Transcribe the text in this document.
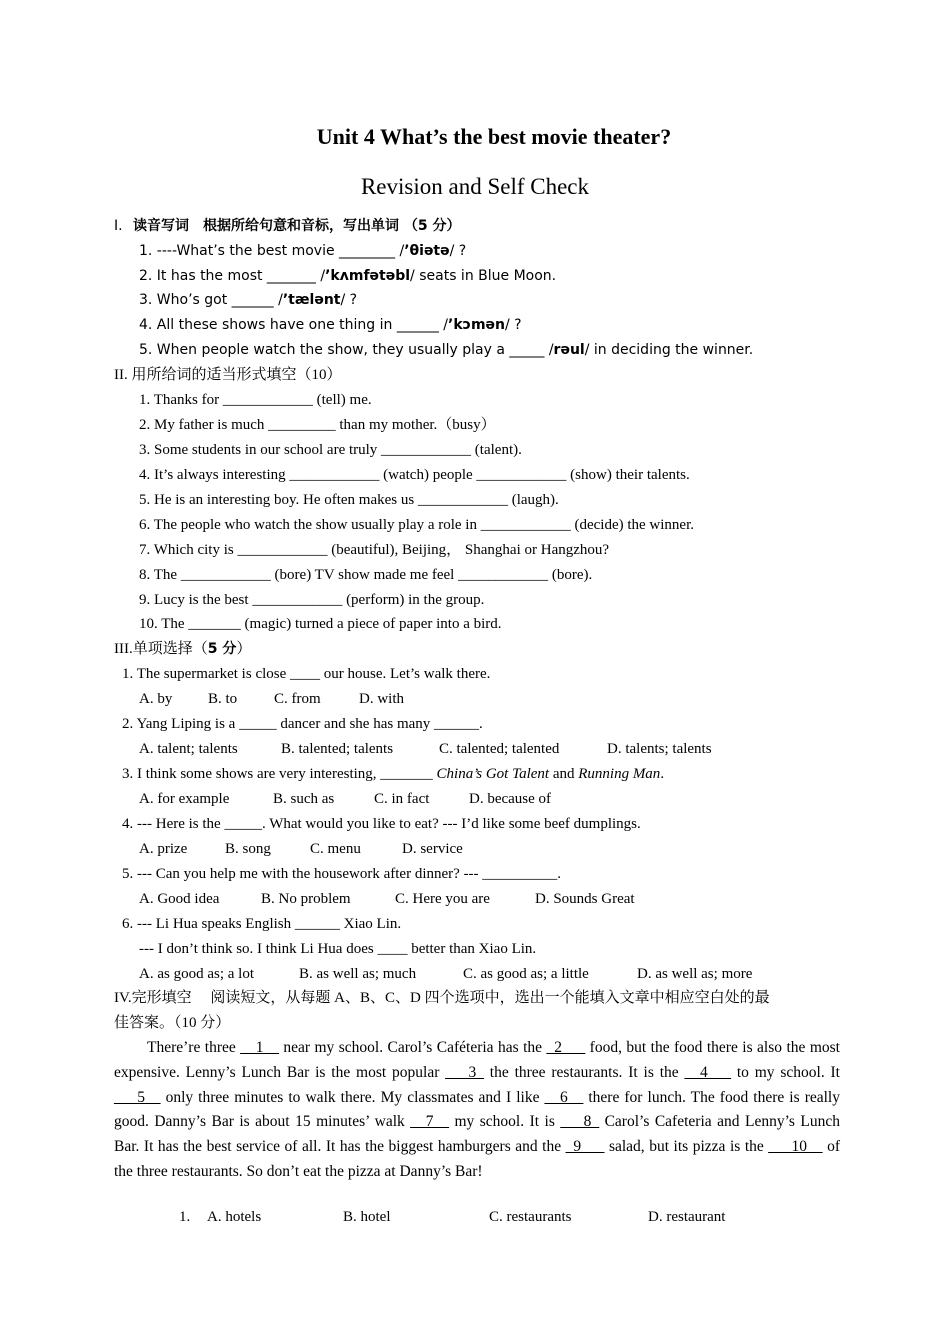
Unit 4 What’s the best movie theater?
Revision and Self Check
I. 读音写词　根据所给句意和音标，写出单词 （5 分）
1. ----What’s the best movie ________ /’θiətə/ ?
2. It has the most _______ /’kʌmfətəbl/ seats in Blue Moon.
3. Who’s got ______ /’tælənt/ ?
4. All these shows have one thing in ______ /’kɔmən/ ?
5. When people watch the show, they usually play a _____ /rəul/ in deciding the winner.
II. 用所给词的适当形式填空（10）
1. Thanks for ____________ (tell) me.
2. My father is much _________ than my mother.（busy）
3. Some students in our school are truly ____________ (talent).
4. It’s always interesting ____________ (watch) people ____________ (show) their talents.
5. He is an interesting boy. He often makes us ____________ (laugh).
6. The people who watch the show usually play a role in ____________ (decide) the winner.
7. Which city is ____________ (beautiful), Beijing， Shanghai or Hangzhou?
8. The ____________ (bore) TV show made me feel ____________ (bore).
9. Lucy is the best ____________ (perform) in the group.
10. The _______ (magic) turned a piece of paper into a bird.
III.单项选择（5 分）
1. The supermarket is close ____ our house. Let’s walk there.
A. by B. to C. from	D. with
2. Yang Liping is a _____ dancer and she has many ______.
A. talent; talents	B. talented; talents	C. talented; talented	D. talents; talents
3. I think some shows are very interesting, _______ China’s Got Talent and Running Man.
A. for example	B. such as	C. in fact	D. because of
4. --- Here is the _____. What would you like to eat? --- I’d like some beef dumplings.
A. prize	B. song	C. menu	D. service
5. --- Can you help me with the housework after dinner? --- __________.
A. Good idea	B. No problem	C. Here you are	D. Sounds Great
6. --- Li Hua speaks English ______ Xiao Lin.
--- I don’t think so. I think Li Hua does ____ better than Xiao Lin.
A. as good as; a lot	B. as well as; much	C. as good as; a little	D. as well as; more
IV.完形填空　 阅读短文，从每题 A、B、C、D 四个选项中，选出一个能填入文章中相应空白处的最
佳答案。（10 分）
There’re three __1__ near my school. Carol’s Caféteria has the _2___ food, but the food there is also the most expensive. Lenny’s Lunch Bar is the most popular ___3_ the three restaurants. It is the __4___ to my school. It ___5__ only three minutes to walk there. My classmates and I like __6__ there for lunch. The food there is really good. Danny’s Bar is about 15 minutes’ walk __7__ my school. It is ___8_ Carol’s Cafeteria and Lenny’s Lunch Bar. It has the best service of all. It has the biggest hamburgers and the _9___ salad, but its pizza is the ___10__ of the three restaurants. So don’t eat the pizza at Danny’s Bar!
1. A. hotels	B. hotel	C. restaurants	D. restaurant
